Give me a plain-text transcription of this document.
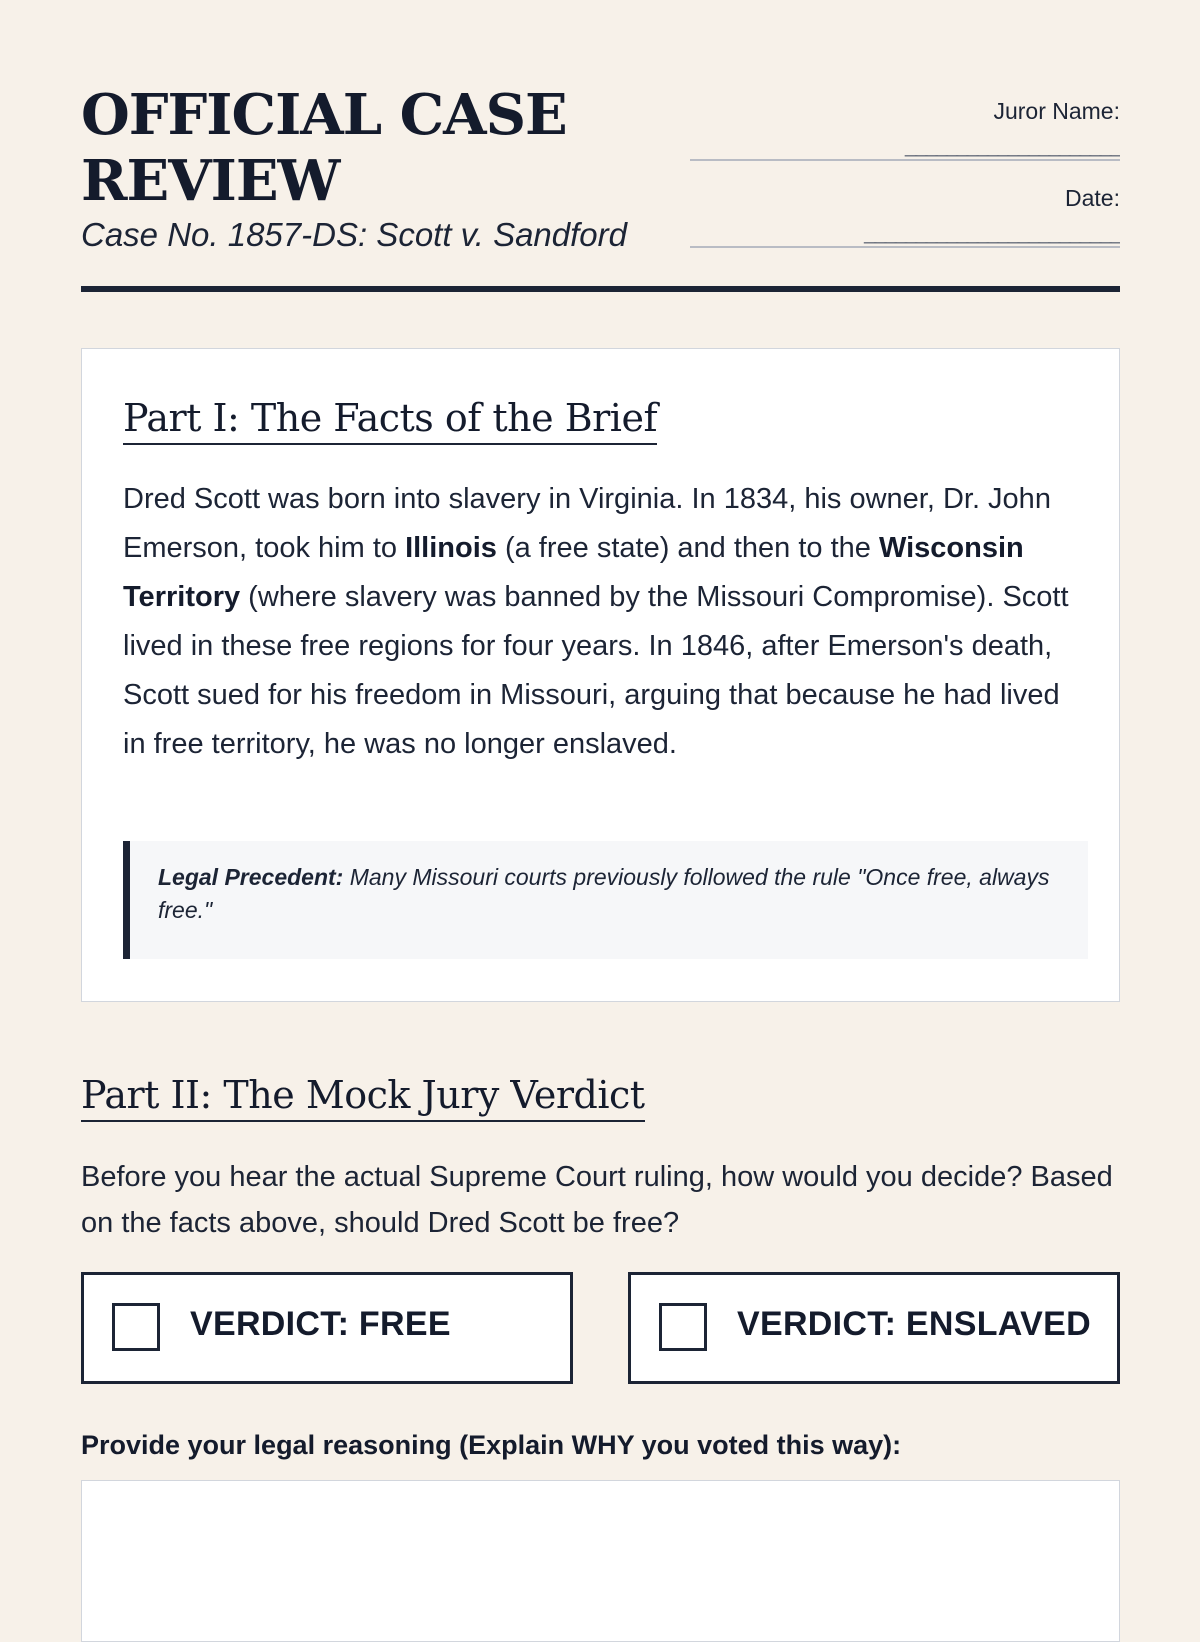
OFFICIAL CASE REVIEW

Case No. 1857-DS: Scott v. Sandford

Juror Name:
_____________________
Date:
_________________________
Part I: The Facts of the Brief

Dred Scott was born into slavery in Virginia. In 1834, his owner, Dr. John Emerson, took him to Illinois (a free state) and then to the Wisconsin Territory (where slavery was banned by the Missouri Compromise). Scott lived in these free regions for four years. In 1846, after Emerson's death, Scott sued for his freedom in Missouri, arguing that because he had lived in free territory, he was no longer enslaved.

Legal Precedent: Many Missouri courts previously followed the rule "Once free, always free."
Part II: The Mock Jury Verdict

Before you hear the actual Supreme Court ruling, how would you decide? Based on the facts above, should Dred Scott be free?

VERDICT: FREE	VERDICT: ENSLAVED
Provide your legal reasoning (Explain WHY you voted this way):
